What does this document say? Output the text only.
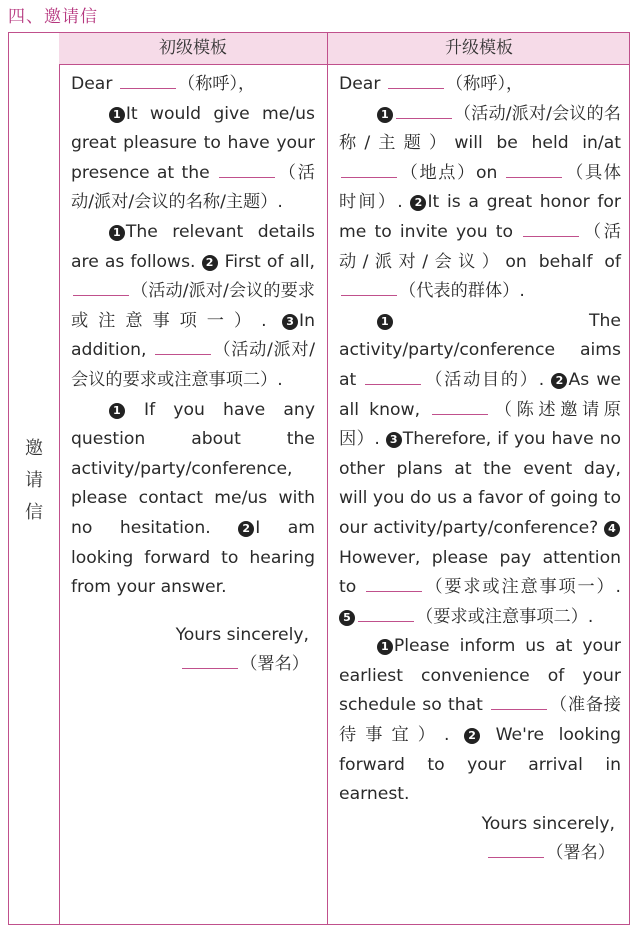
四、邀请信
初级模板	升级模板
邀请信

Dear	（称呼），

1 It would give me/us great pleasure to have your presence at the	（活动/派对/会议的名称/主题）.

1 The relevant details are as follows. 2 First of all, （活动/派对/会议的要求或注意事项一）. 3 In addition,	（活动/派对/会议的要求或注意事项二）.

1 If you have any question about the activity/party/conference, please contact me/us with no hesitation. 2 I am looking forward to hearing from your answer.

Yours sincerely,

（署名）

Dear	（称呼），

1	（活动/派对/会议的名称/主题）will be held in/at （地点）on	（具体时间）. 2 It is a great honor for me to invite you to	（活动/派对/会议）on behalf of （代表的群体）.

1 The activity/party/conference aims at	（活动目的）. 2 As we all know,	（陈述邀请原因）. 3 Therefore, if you have no other plans at the event day, will you do us a favor of going to our activity/party/conference? 4However, please pay attention to	（要求或注意事项一）. 5	（要求或注意事项二）.

1 Please inform us at your earliest convenience of your schedule so that	（准备接待事宜）. 2 We're looking forward to your arrival in earnest.

Yours sincerely,

（署名）
